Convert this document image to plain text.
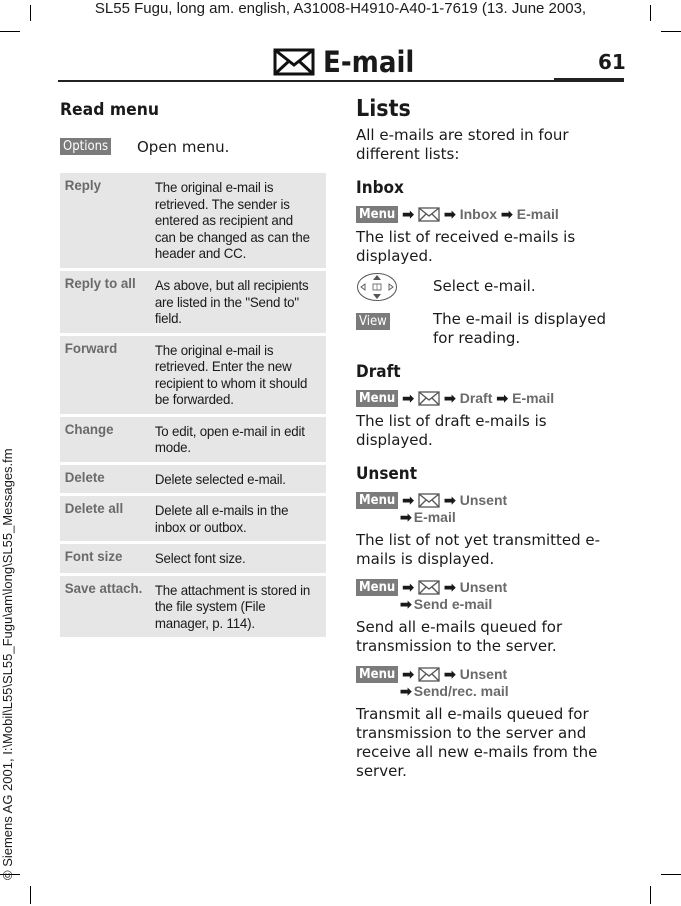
SL55 Fugu, long am. english, A31008-H4910-A40-1-7619 (13. June 2003,
© Siemens AG 2001, I:\Mobil\L55\SL55_Fugu\am\long\SL55_Messages.fm
E-mail	61
Read menu
Options Open menu.
Reply	The original e-mail is retrieved. The sender is entered as recipient and can be changed as can the header and CC.
Reply to all	As above, but all recipients are listed in the "Send to" field.
Forward	The original e-mail is retrieved. Enter the new recipient to whom it should be forwarded.
Change	To edit, open e-mail in edit mode.
Delete	Delete selected e-mail.
Delete all	Delete all e-mails in the inbox or outbox.
Font size	Select font size.
Save attach. The attachment is stored in the file system (File manager, p. 114).
Lists
All e-mails are stored in four different lists:
Inbox
Menu ➡ ➡ Inbox ➡ E-mail
The list of received e-mails is displayed.
Select e-mail.
View	The e-mail is displayed for reading.
Draft
Menu ➡ ➡ Draft ➡ E-mail
The list of draft e-mails is displayed.
Unsent
Menu ➡ ➡ Unsent
➡ E-mail
The list of not yet transmitted e-mails is displayed.
Menu ➡ ➡ Unsent
➡ Send e-mail
Send all e-mails queued for transmission to the server.
Menu ➡ ➡ Unsent
➡ Send/rec. mail
Transmit all e-mails queued for transmission to the server and receive all new e-mails from the server.
